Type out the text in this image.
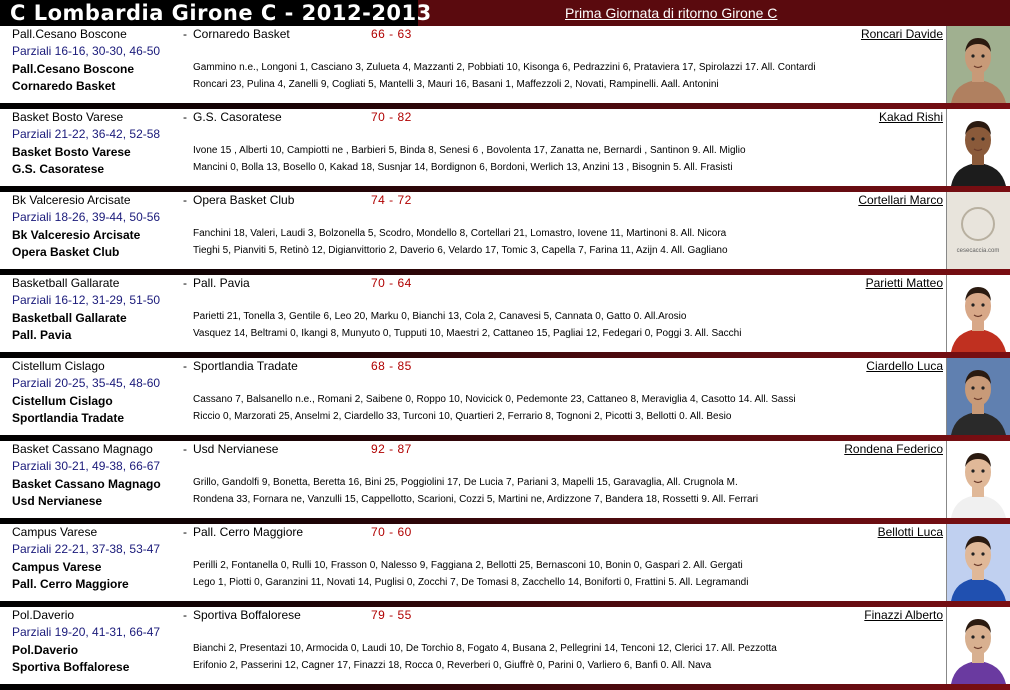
C Lombardia Girone C - 2012-2013	Prima Giornata di ritorno Girone C
Pall.Cesano Boscone	- Cornaredo Basket	66 - 63	Roncari Davide
Parziali 16-16, 30-30, 46-50
Pall.Cesano Boscone	Gammino n.e., Longoni 1, Casciano 3, Zulueta 4, Mazzanti 2, Pobbiati 10, Kisonga 6, Pedrazzini 6, Prataviera 17, Spirolazzi 17. All. Contardi
Cornaredo Basket	Roncari 23, Pulina 4, Zanelli 9, Cogliati 5, Mantelli 3, Mauri 16, Basani 1, Maffezzoli 2, Novati, Rampinelli. Aall. Antonini
Basket Bosto Varese	- G.S. Casoratese	70 - 82	Kakad Rishi
Parziali 21-22, 36-42, 52-58
Basket Bosto Varese	Ivone 15 , Alberti 10, Campiotti ne , Barbieri 5, Binda 8, Senesi 6 , Bovolenta 17, Zanatta ne, Bernardi , Santinon 9. All. Miglio
G.S. Casoratese	Mancini 0, Bolla 13, Bosello 0, Kakad 18, Susnjar 14, Bordignon 6, Bordoni, Werlich 13, Anzini 13 , Bisognin 5. All. Frasisti
Bk Valceresio Arcisate	- Opera Basket Club	74 - 72	Cortellari Marco
Parziali 18-26, 39-44, 50-56
Bk Valceresio Arcisate	Fanchini 18, Valeri, Laudi 3, Bolzonella 5, Scodro, Mondello 8, Cortellari 21, Lomastro, Iovene 11, Martinoni 8. All. Nicora
Opera Basket Club	Tieghi 5, Pianviti 5, Retinò 12, Digianvittorio 2, Daverio 6, Velardo 17, Tomic 3, Capella 7, Farina 11, Azijn 4. All. Gagliano	cesecaccia.com
Basketball Gallarate	- Pall. Pavia	70 - 64	Parietti Matteo
Parziali 16-12, 31-29, 51-50
Basketball Gallarate	Parietti 21, Tonella 3, Gentile 6, Leo 20, Marku 0, Bianchi 13, Cola 2, Canavesi 5, Cannata 0, Gatto 0. All.Arosio
Pall. Pavia	Vasquez 14, Beltrami 0, Ikangi 8, Munyuto 0, Tupputi 10, Maestri 2, Cattaneo 15, Pagliai 12, Fedegari 0, Poggi 3. All. Sacchi
Cistellum Cislago	- Sportlandia Tradate	68 - 85	Ciardello Luca
Parziali 20-25, 35-45, 48-60
Cistellum Cislago	Cassano 7, Balsanello n.e., Romani 2, Saibene 0, Roppo 10, Novicick 0, Pedemonte 23, Cattaneo 8, Meraviglia 4, Casotto 14. All. Sassi
Sportlandia Tradate	Riccio 0, Marzorati 25, Anselmi 2, Ciardello 33, Turconi 10, Quartieri 2, Ferrario 8, Tognoni 2, Picotti 3, Bellotti 0. All. Besio
Basket Cassano Magnago	- Usd Nervianese	92 - 87	Rondena Federico
Parziali 30-21, 49-38, 66-67
Basket Cassano Magnago	Grillo, Gandolfi 9, Bonetta, Beretta 16, Bini 25, Poggiolini 17, De Lucia 7, Pariani 3, Mapelli 15, Garavaglia, All. Crugnola M.
Usd Nervianese	Rondena 33, Fornara ne, Vanzulli 15, Cappellotto, Scarioni, Cozzi 5, Martini ne, Ardizzone 7, Bandera 18, Rossetti 9. All. Ferrari
Campus Varese	- Pall. Cerro Maggiore	70 - 60	Bellotti Luca
Parziali 22-21, 37-38, 53-47
Campus Varese	Perilli 2, Fontanella 0, Rulli 10, Frasson 0, Nalesso 9, Faggiana 2, Bellotti 25, Bernasconi 10, Bonin 0, Gaspari 2. All. Gergati
Pall. Cerro Maggiore	Lego 1, Piotti 0, Garanzini 11, Novati 14, Puglisi 0, Zocchi 7, De Tomasi 8, Zacchello 14, Boniforti 0, Frattini 5. All. Legramandi
Pol.Daverio	- Sportiva Boffalorese	79 - 55	Finazzi Alberto
Parziali 19-20, 41-31, 66-47
Pol.Daverio	Bianchi 2, Presentazi 10, Armocida 0, Laudi 10, De Torchio 8, Fogato 4, Busana 2, Pellegrini 14, Tenconi 12, Clerici 17. All. Pezzotta
Sportiva Boffalorese	Erifonio 2, Passerini 12, Cagner 17, Finazzi 18, Rocca 0, Reverberi 0, Giuffrè 0, Parini 0, Varliero 6, Banfi 0. All. Nava
